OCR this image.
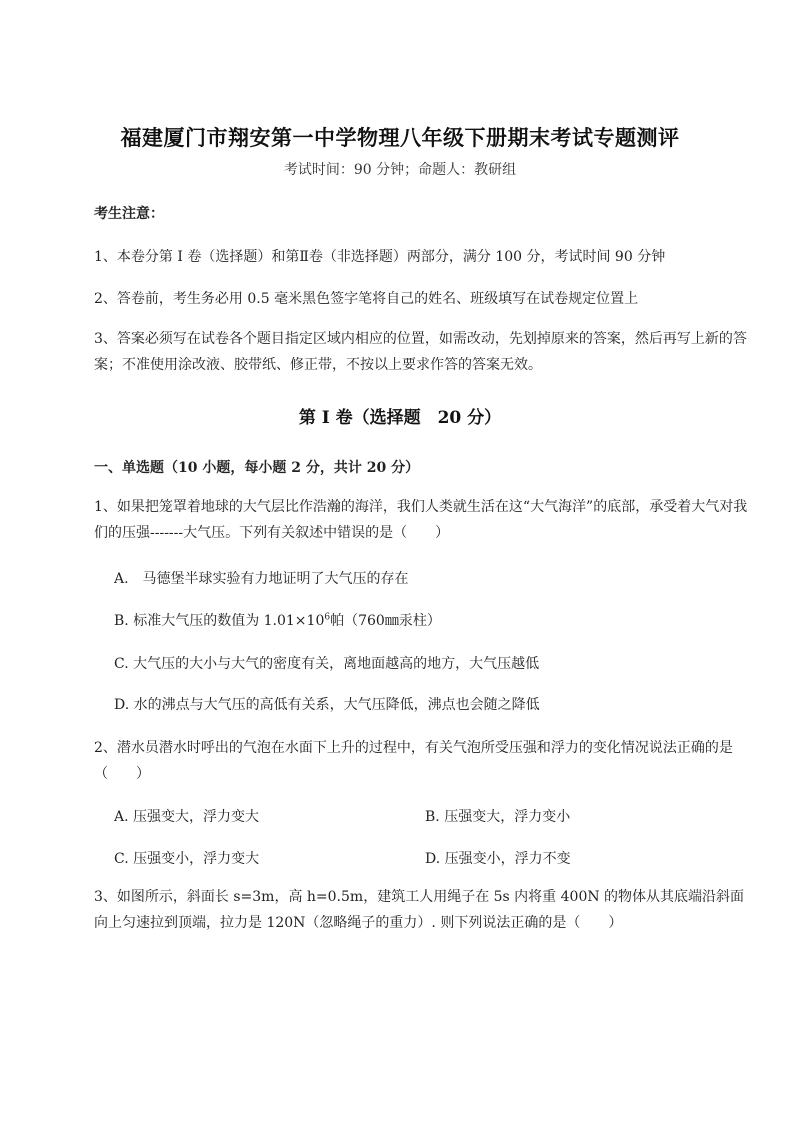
福建厦门市翔安第一中学物理八年级下册期末考试专题测评
考试时间：90 分钟；命题人：教研组
考生注意：
1、本卷分第 I 卷（选择题）和第Ⅱ卷（非选择题）两部分，满分 100 分，考试时间 90 分钟
2、答卷前，考生务必用 0.5 毫米黑色签字笔将自己的姓名、班级填写在试卷规定位置上
3、答案必须写在试卷各个题目指定区域内相应的位置，如需改动，先划掉原来的答案，然后再写上新的答案；不准使用涂改液、胶带纸、修正带，不按以上要求作答的答案无效。
第 I 卷（选择题　20 分）
一、单选题（10 小题，每小题 2 分，共计 20 分）
1、如果把笼罩着地球的大气层比作浩瀚的海洋，我们人类就生活在这“大气海洋”的底部，承受着大气对我们的压强-------大气压。下列有关叙述中错误的是（　　）
A.　马德堡半球实验有力地证明了大气压的存在
B. 标准大气压的数值为 $1.01\times 10^6$帕（760㎜汞柱）
C. 大气压的大小与大气的密度有关，离地面越高的地方，大气压越低
D. 水的沸点与大气压的高低有关系，大气压降低，沸点也会随之降低
2、潜水员潜水时呼出的气泡在水面下上升的过程中，有关气泡所受压强和浮力的变化情况说法正确的是（　　）
A. 压强变大，浮力变大	B. 压强变大，浮力变小
C. 压强变小，浮力变大	D. 压强变小，浮力不变
3、如图所示，斜面长 s=3m，高 h=0.5m，建筑工人用绳子在 5s 内将重 400N 的物体从其底端沿斜面向上匀速拉到顶端，拉力是 120N（忽略绳子的重力）. 则下列说法正确的是（　　）
